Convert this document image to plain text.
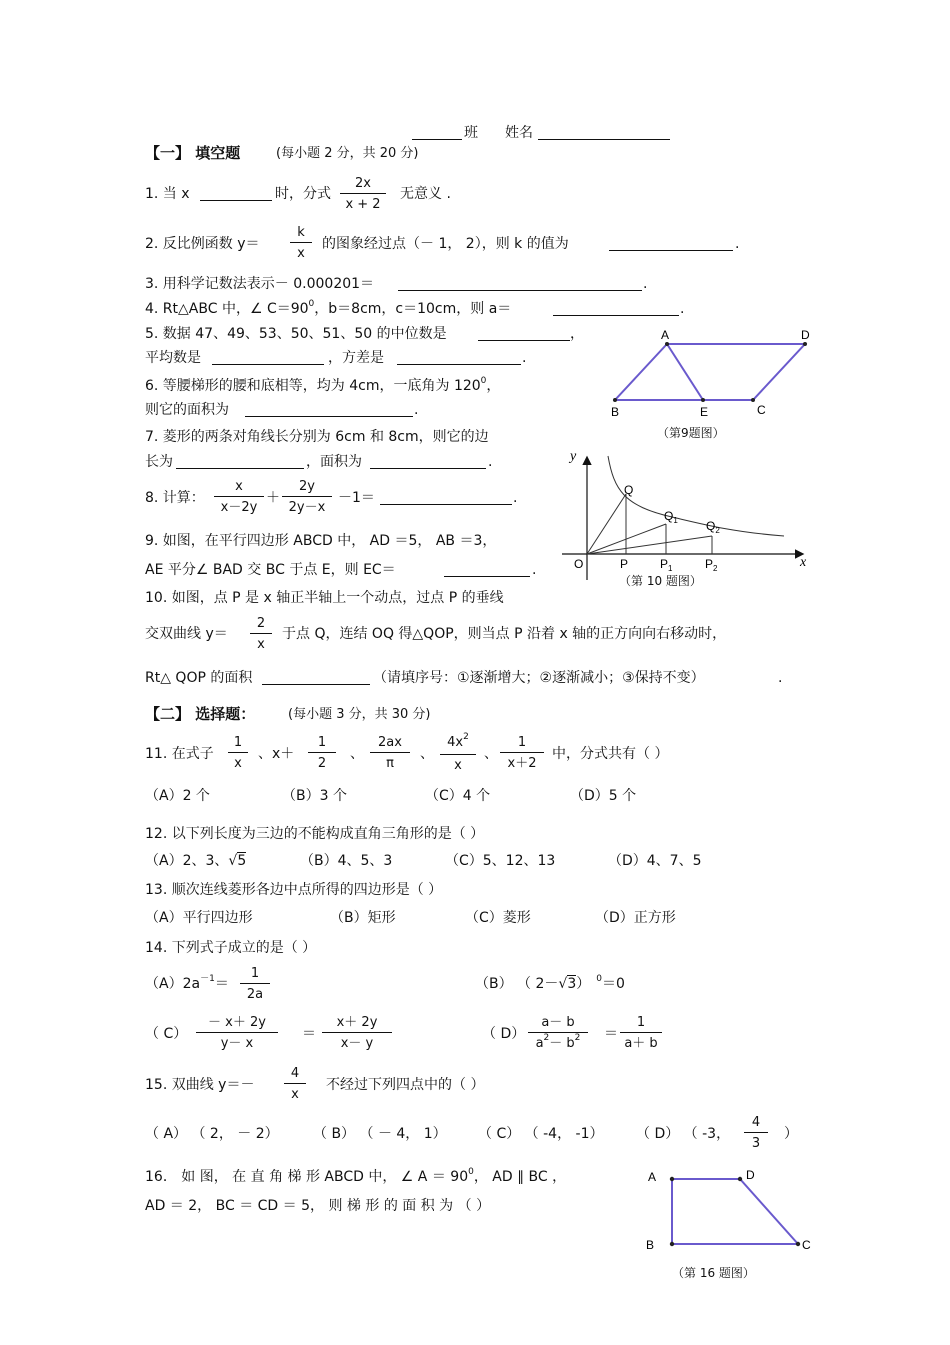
班 姓名
【一】 填空题	(每小题 2 分，共 20 分)
1. 当 x	时，分式 $\frac{2x}{x + 2}$ 无意义 .
2. 反比例函数 $y= \frac{k}{x}$ 的图象经过点（－ 1， 2），则 k 的值为	.
3. 用科学记数法表示－ 0.000201＝	.
4. Rt△ABC 中，∠ $C=90^0$，b＝8cm，c＝10cm，则 a＝	.
5. 数据 47、49、53、50、51、50 的中位数是	，
平均数是	，方差是	.
6. 等腰梯形的腰和底相等，均为 4cm，一底角为 $120^0$，
则它的面积为	.
A	D
B	E	C
（第9题图）
7. 菱形的两条对角线长分别为 6cm 和 8cm，则它的边
长为	，面积为	.
8. 计算： $\frac{x}{x-2y} + \frac{2y}{2y-x} -1=$	.
y
x
O
Q
$Q_1$ $Q_2$
P	$P_1$	$P_2$
（第 10 题图）
9. 如图，在平行四边形 ABCD 中， AD ＝5， AB ＝3，
AE 平分∠ BAD 交 BC 于点 E，则 EC＝	.
10. 如图，点 P 是 x 轴正半轴上一个动点，过点 P 的垂线
交双曲线 $y= \frac{2}{x}$ 于点 Q，连结 OQ 得△QOP，则当点 P 沿着 x 轴的正方向向右移动时，
Rt△ QOP 的面积	（请填序号：①逐渐增大；②逐渐减小；③保持不变）	.
【二】 选择题：	(每小题 3 分，共 30 分)
11. 在式子 $\frac{1}{x}$ 、$x+ \frac{1}{2}$ 、 $\frac{2ax}{\pi}$ 、 $\frac{4x^2}{x}$ 、 $\frac{1}{x+2}$ 中，分式共有（ ）
（A）2 个	（B）3 个	（C）4 个	（D）5 个
12. 以下列长度为三边的不能构成直角三角形的是（ ）
（A）2、3、√5	（B）4、5、3	（C）5、12、13	（D）4、7、5
13. 顺次连线菱形各边中点所得的四边形是（ ）
（A）平行四边形	（B）矩形	（C）菱形	（D）正方形
14. 下列式子成立的是（ ）
$(A)2a^{-1}= \frac{1}{2a}$	（B） （ 2－√3） $^0$＝0
（ $C) \frac{- x+ 2y}{y- x} = \frac{x+ 2y}{x- y}$	（ $D) \frac{a- b}{a^2- b^2} = \frac{1}{a+ b}$
15. 双曲线 $y=- \frac{4}{x}$ 不经过下列四点中的（ ）
（ A） （ 2， － 2） （ B） （ － 4， 1） （ C） （ -4， -1） （ D） （ -3， $\frac{4}{3}$ ）
16． 如 图， 在 直 角 梯 形 ABCD 中， ∠ $A = 90^0$， AD ∥ BC ，
AD ＝ 2， BC ＝ CD ＝ 5， 则 梯 形 的 面 积 为 （ ）
A	D
B	C
（第 16 题图）
